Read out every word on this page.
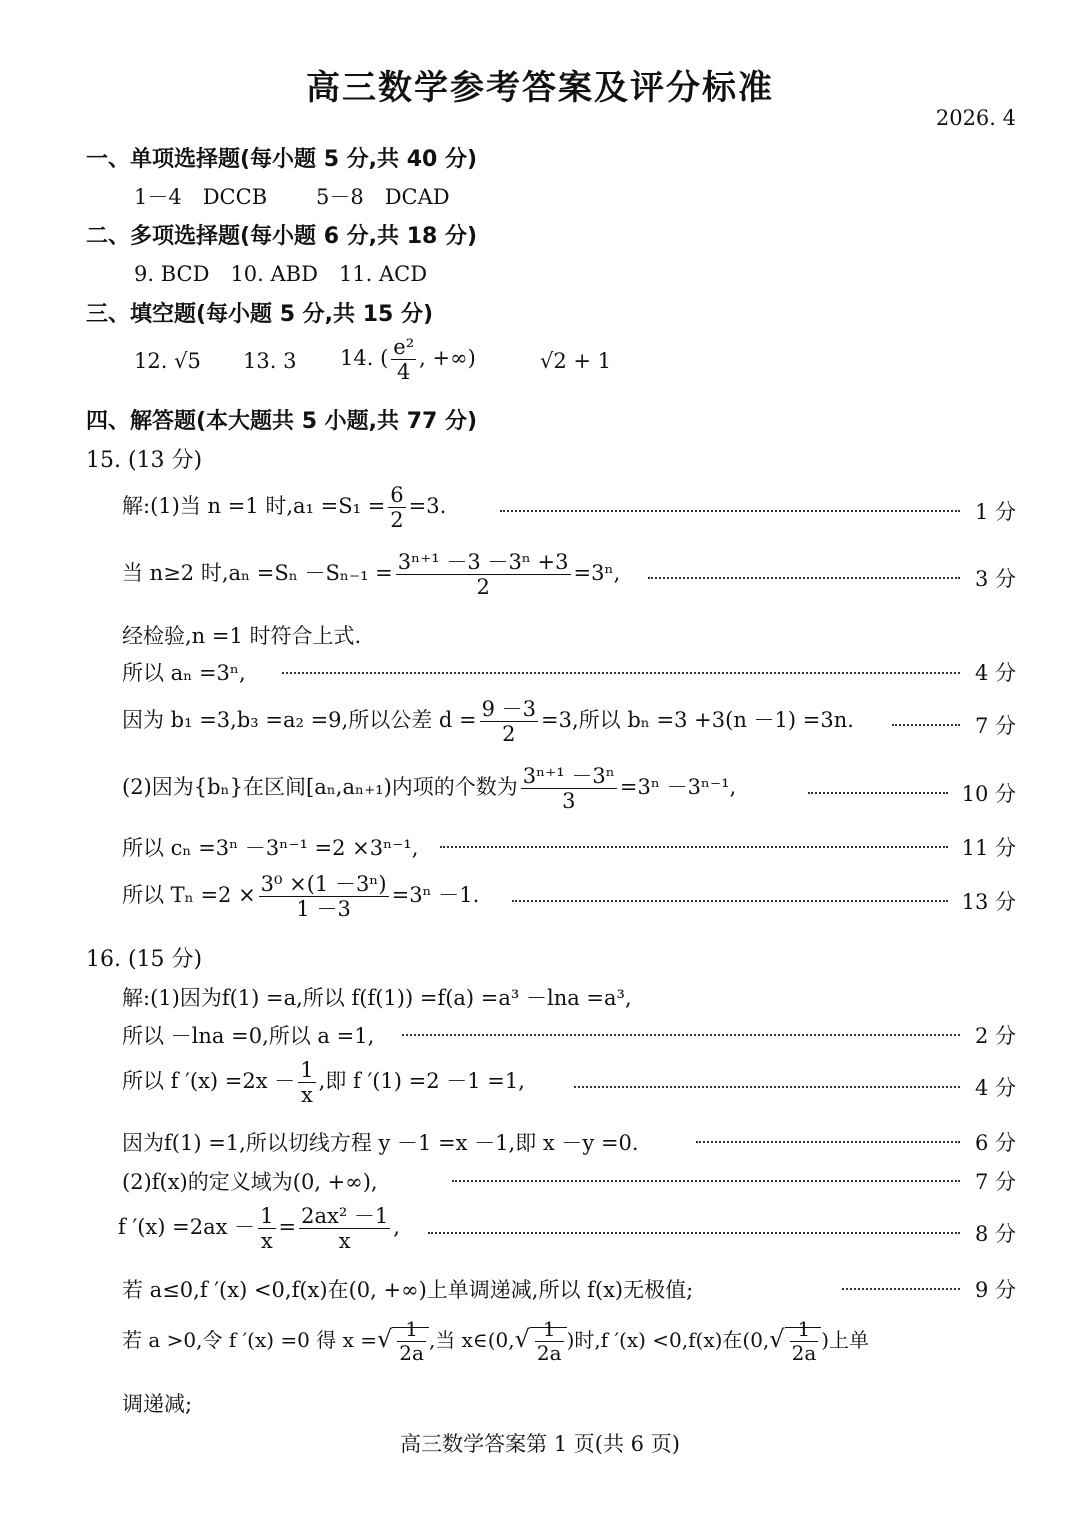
高三数学参考答案及评分标准
2026. 4
一、单项选择题(每小题 5 分,共 40 分)
1－4　DCCB 5－8　DCAD
二、多项选择题(每小题 6 分,共 18 分)
9. BCD　10. ABD　11. ACD
三、填空题(每小题 5 分,共 15 分)
12. √5 13. 3 14. ( $\frac{\text{e²}}{4}$ , +∞)	√2 + 1
四、解答题(本大题共 5 小题,共 77 分)
15. (13 分)
解:(1)当 n =1 时$,a_1 =S_1 = \frac{6}{2} =3$.	1 分
当 n≥2 时$,a_n =S_n -S_{n-1} = \frac{\text{3ⁿ⁺¹ －3 －3ⁿ +3}}{2} =3^n$,	3 分
经检验,n =1 时符合上式.
所以 aₙ =3ⁿ,	4 分
因为 b₁ =3,b₃ =a₂ =9,所以公差 $d = \frac{9 -3}{2} =3$,所以 bₙ =3 +3(n －1) =3n.	7 分
(2)因为{bₙ}在区间[aₙ,aₙ₊₁)内项的个数为 $\frac{\text{3ⁿ⁺¹ －3ⁿ}}{3} =3^n -3^{n-1}$,	10 分
所以 cₙ =3ⁿ －3ⁿ⁻¹ =2 ×3ⁿ⁻¹,	11 分
所以 $T_n =2 \times \frac{\text{3⁰ ×(1 －3ⁿ)}}{1 -3} =3^n -1$.	13 分
16. (15 分)
解:(1)因为f(1) =a,所以 f(f(1)) =f(a) =a³ －lna =a³,
所以 －lna =0,所以 a =1,	2 分
所以 f $'(x) =2x - \frac{1}{x}$ ,即 f ′(1) =2 －1 =1,	4 分
因为f(1) =1,所以切线方程 y －1 =x －1,即 x －y =0.	6 分
(2)f(x)的定义域为(0, +∞),	7 分
f $'(x) =2ax - \frac{1}{x} = \frac{\text{2ax² －1}}{x}$ ,	8 分
若 a≤0,f ′(x) <0,f(x)在(0, +∞)上单调递减,所以 f(x)无极值;	9 分
若 a >0,令 f ′(x) =0 得 x =√ $\frac{1}{2a}$ ,当 x∈(0,√ $\frac{1}{2a}$ )时,f ′(x) <0,f(x)在($0,√ \frac{1}{2a}$ )上单
调递减;
高三数学答案第 1 页(共 6 页)
